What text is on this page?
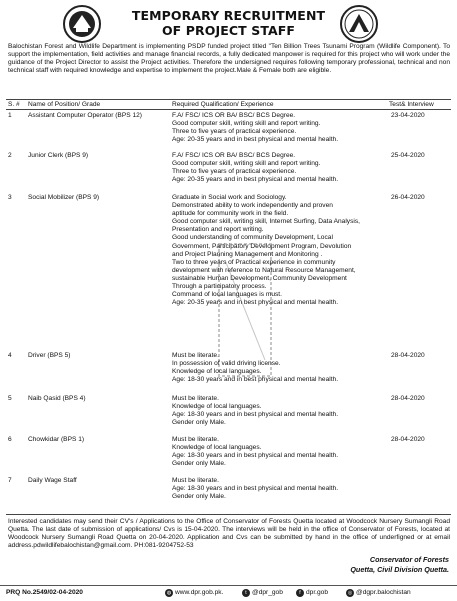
TEMPORARY RECRUITMENT
OF PROJECT STAFF
Balochistan Forest and Wildlife Department is implementing PSDP funded project titled "Ten Billion Trees Tsunami Program (Wildlife Component). To support the implementation, field activities and manage financial records, a fully dedicated manpower is required for this project who will work under the guidance of the Project Director to assist the Project activities. Therefore the undersigned requires following temporary professional, technical and non technical staff with required knowledge and expertise to implement the project.Male & Female both are eligible.
S. # Name of Position/ Grade	Required Qualification/ Experience	Test& Interview
1 Assistant Computer Operator (BPS 12)	F.A/ FSC/ ICS OR BA/ BSC/ BCS Degree.
Good computer skill, writing skill and report writing.
Three to five years of practical experience.
Age: 20-35 years and in best physical and mental health.
23-04-2020
2 Junior Clerk (BPS 9)	F.A/ FSC/ ICS OR BA/ BSC/ BCS Degree.
Good computer skill, writing skill and report writing.
Three to five years of practical experience.
Age: 20-35 years and in best physical and mental health.
25-04-2020
3 Social Mobilizer (BPS 9)	Graduate in Social work and Sociology.
Demonstrated ability to work independently and proven
aptitude for community work in the field.
Good computer skill, writing skill, Internet Surfing, Data Analysis,
Presentation and report writing.
Good understanding of community Development, Local
Government, Participatory Development Program, Devolution
and Project Planning Management and Monitoring .
Two to three years of Practical experience in community
development with reference to Natural Resource Management,
sustainable Human Development, Community Development
Through a participatory process.
Command of local languages is must.
Age: 20-35 years and in best physical and mental health.
26-04-2020
4 Driver (BPS 5)	Must be literate.
In possession of valid driving license.
Knowledge of local languages.
Age: 18-30 years and in best physical and mental health.
28-04-2020
5 Naib Qasid (BPS 4)	Must be literate.
Knowledge of local languages.
Age: 18-30 years and in best physical and mental health.
Gender only Male.
28-04-2020
6 Chowkidar (BPS 1)	Must be literate.
Knowledge of local languages.
Age: 18-30 years and in best physical and mental health.
Gender only Male.
28-04-2020
7 Daily Wage Staff	Must be literate.
Age: 18-30 years and in best physical and mental health.
Gender only Male.
Interested candidates may send their CV's / Applications to the Office of Conservator of Forests Quetta located at Woodcock Nursery Sumangli Road Quetta. The last date of submission of applications/ Cvs is 15-04-2020. The interviews will be held in the office of Conservator of Forests, located at Woodcock Nursery Sumangli Road Quetta on 20-04-2020. Application and Cvs can be submitted by hand in the office of underfigned or at email address.pdwildlifebalochistan@gmail.com. PH:081-9204752-53
Conservator of Forests
Quetta, Civil Division Quetta.
PRQ No.2549/02-04-2020	◍ www.dpr.gob.pk.	t @dpr_gob	f dpr.gob	◎ @dgpr.balochistan
